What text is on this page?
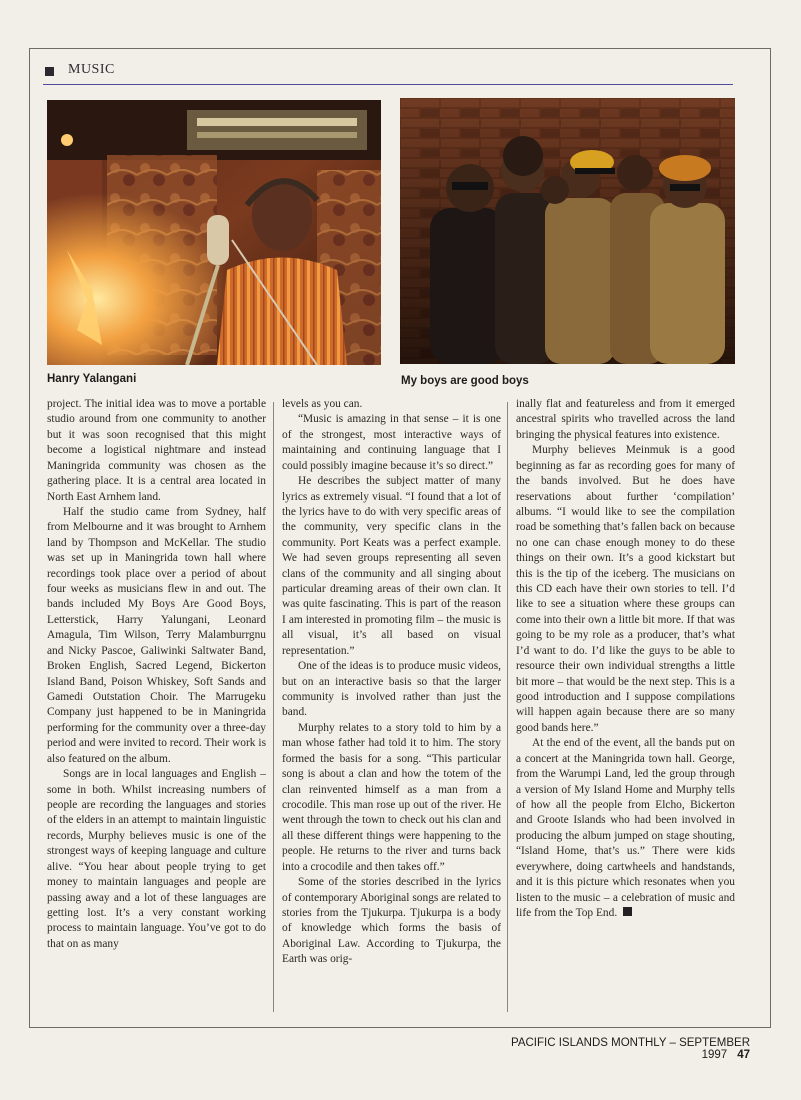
MUSIC
Hanry Yalangani	My boys are good boys

project. The initial idea was to move a portable studio around from one community to another but it was soon recognised that this might become a logistical nightmare and instead Maningrida community was chosen as the gathering place. It is a central area located in North East Arnhem land.

Half the studio came from Sydney, half from Melbourne and it was brought to Arnhem land by Thompson and McKellar. The studio was set up in Maningrida town hall where recordings took place over a period of about four weeks as musicians flew in and out. The bands included My Boys Are Good Boys, Letterstick, Harry Yalungani, Leonard Amagula, Tim Wilson, Terry Malamburrgnu and Nicky Pascoe, Galiwinki Saltwater Band, Broken English, Sacred Legend, Bickerton Island Band, Poison Whiskey, Soft Sands and Gamedi Outstation Choir. The Marrugeku Company just happened to be in Maningrida performing for the community over a three-day period and were invited to record. Their work is also featured on the album.

Songs are in local languages and English – some in both. Whilst increasing numbers of people are recording the languages and stories of the elders in an attempt to maintain linguistic records, Murphy believes music is one of the strongest ways of keeping language and culture alive. “You hear about people trying to get money to maintain languages and people are passing away and a lot of these languages are getting lost. It’s a very constant working process to maintain language. You’ve got to do that on as many

levels as you can.

“Music is amazing in that sense – it is one of the strongest, most interactive ways of maintaining and continuing language that I could possibly imagine because it’s so direct.”

He describes the subject matter of many lyrics as extremely visual. “I found that a lot of the lyrics have to do with very specific areas of the community, very specific clans in the community. Port Keats was a perfect example. We had seven groups representing all seven clans of the community and all singing about particular dreaming areas of their own clan. It was quite fascinating. This is part of the reason I am interested in promoting film – the music is all visual, it’s all based on visual representation.”

One of the ideas is to produce music videos, but on an interactive basis so that the larger community is involved rather than just the band.

Murphy relates to a story told to him by a man whose father had told it to him. The story formed the basis for a song. “This particular song is about a clan and how the totem of the clan reinvented himself as a man from a crocodile. This man rose up out of the river. He went through the town to check out his clan and all these different things were happening to the people. He returns to the river and turns back into a crocodile and then takes off.”

Some of the stories described in the lyrics of contemporary Aboriginal songs are related to stories from the Tjukurpa. Tjukurpa is a body of knowledge which forms the basis of Aboriginal Law. According to Tjukurpa, the Earth was orig-

inally flat and featureless and from it emerged ancestral spirits who travelled across the land bringing the physical features into existence.

Murphy believes Meinmuk is a good beginning as far as recording goes for many of the bands involved. But he does have reservations about further ‘compilation’ albums. “I would like to see the compilation road be something that’s fallen back on because no one can chase enough money to do these things on their own. It’s a good kickstart but this is the tip of the iceberg. The musicians on this CD each have their own stories to tell. I’d like to see a situation where these groups can come into their own a little bit more. If that was going to be my role as a producer, that’s what I’d want to do. I’d like the guys to be able to resource their own individual strengths a little bit more – that would be the next step. This is a good introduction and I suppose compilations will happen again because there are so many good bands here.”

At the end of the event, all the bands put on a concert at the Maningrida town hall. George, from the Warumpi Land, led the group through a version of My Island Home and Murphy tells of how all the people from Elcho, Bickerton and Groote Islands who had been involved in producing the album jumped on stage shouting, “Island Home, that’s us.” There were kids everywhere, doing cartwheels and handstands, and it is this picture which resonates when you listen to the music – a celebration of music and life from the Top End.

PACIFIC ISLANDS MONTHLY – SEPTEMBER 1997 47
